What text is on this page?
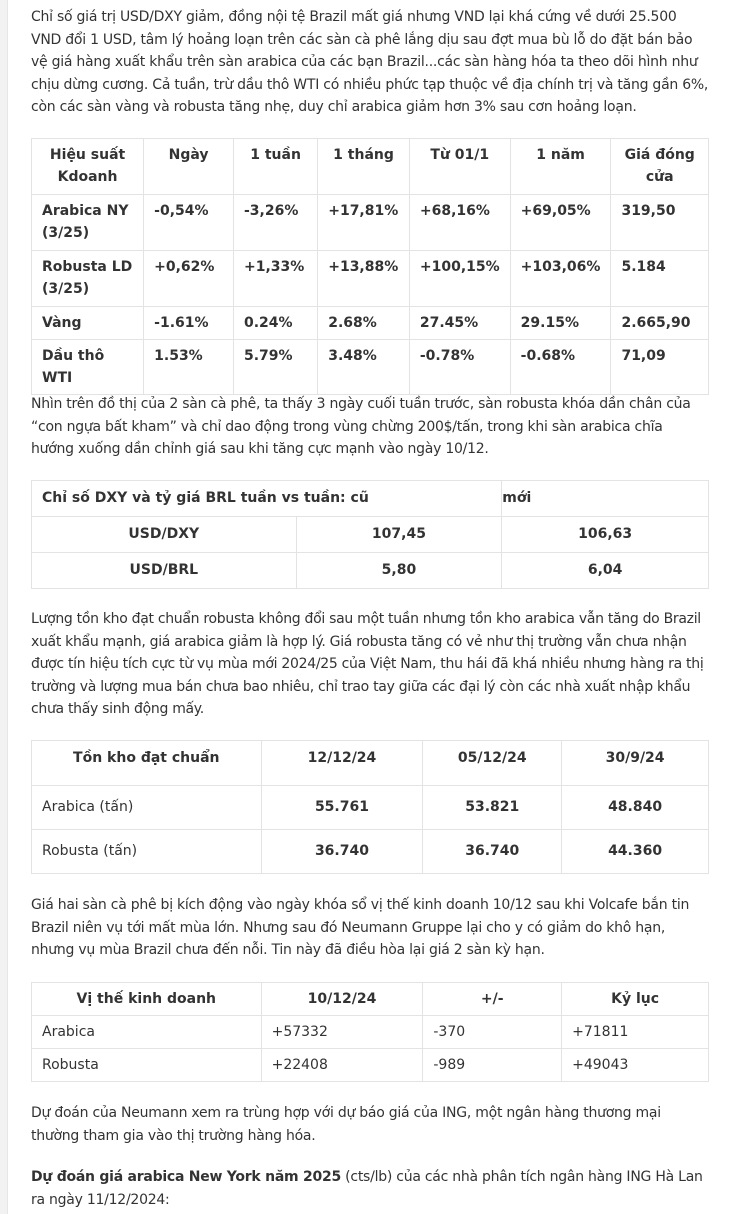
Chỉ số giá trị USD/DXY giảm, đồng nội tệ Brazil mất giá nhưng VND lại khá cứng về dưới 25.500 VND đổi 1 USD, tâm lý hoảng loạn trên các sàn cà phê lắng dịu sau đợt mua bù lỗ do đặt bán bảo vệ giá hàng xuất khẩu trên sàn arabica của các bạn Brazil...các sàn hàng hóa ta theo dõi hình như chịu dừng cương. Cả tuần, trừ dầu thô WTI có nhiều phức tạp thuộc về địa chính trị và tăng gần 6%, còn các sàn vàng và robusta tăng nhẹ, duy chỉ arabica giảm hơn 3% sau cơn hoảng loạn.

Hiệu suất Kdoanh	Ngày	1 tuần	1 tháng	Từ 01/1	1 năm	Giá đóng cửa
Arabica NY (3/25)	-0,54%	-3,26%	+17,81%	+68,16%	+69,05%	319,50
Robusta LD (3/25)	+0,62%	+1,33%	+13,88%	+100,15%	+103,06%	5.184
Vàng	-1.61%	0.24%	2.68%	27.45%	29.15%	2.665,90
Dầu thô WTI	1.53%	5.79%	3.48%	-0.78%	-0.68%	71,09

Nhìn trên đồ thị của 2 sàn cà phê, ta thấy 3 ngày cuối tuần trước, sàn robusta khóa dần chân của “con ngựa bất kham” và chỉ dao động trong vùng chừng 200$/tấn, trong khi sàn arabica chĩa hướng xuống dần chỉnh giá sau khi tăng cực mạnh vào ngày 10/12.

Chỉ số DXY và tỷ giá BRL tuần vs tuần: cũ		mới
USD/DXY	107,45	106,63
USD/BRL	5,80	6,04

Lượng tồn kho đạt chuẩn robusta không đổi sau một tuần nhưng tồn kho arabica vẫn tăng do Brazil xuất khẩu mạnh, giá arabica giảm là hợp lý. Giá robusta tăng có vẻ như thị trường vẫn chưa nhận được tín hiệu tích cực từ vụ mùa mới 2024/25 của Việt Nam, thu hái đã khá nhiều nhưng hàng ra thị trường và lượng mua bán chưa bao nhiêu, chỉ trao tay giữa các đại lý còn các nhà xuất nhập khẩu chưa thấy sinh động mấy.

Tồn kho đạt chuẩn	12/12/24	05/12/24	30/9/24
Arabica (tấn)	55.761	53.821	48.840
Robusta (tấn)	36.740	36.740	44.360

Giá hai sàn cà phê bị kích động vào ngày khóa sổ vị thế kinh doanh 10/12 sau khi Volcafe bắn tin Brazil niên vụ tới mất mùa lớn. Nhưng sau đó Neumann Gruppe lại cho y có giảm do khô hạn, nhưng vụ mùa Brazil chưa đến nỗi. Tin này đã điều hòa lại giá 2 sàn kỳ hạn.

Vị thế kinh doanh	10/12/24	+/-	Kỷ lục
Arabica	+57332	-370	+71811
Robusta	+22408	-989	+49043

Dự đoán của Neumann xem ra trùng hợp với dự báo giá của ING, một ngân hàng thương mại thường tham gia vào thị trường hàng hóa.

Dự đoán giá arabica New York năm 2025 (cts/lb) của các nhà phân tích ngân hàng ING Hà Lan ra ngày 11/12/2024:
